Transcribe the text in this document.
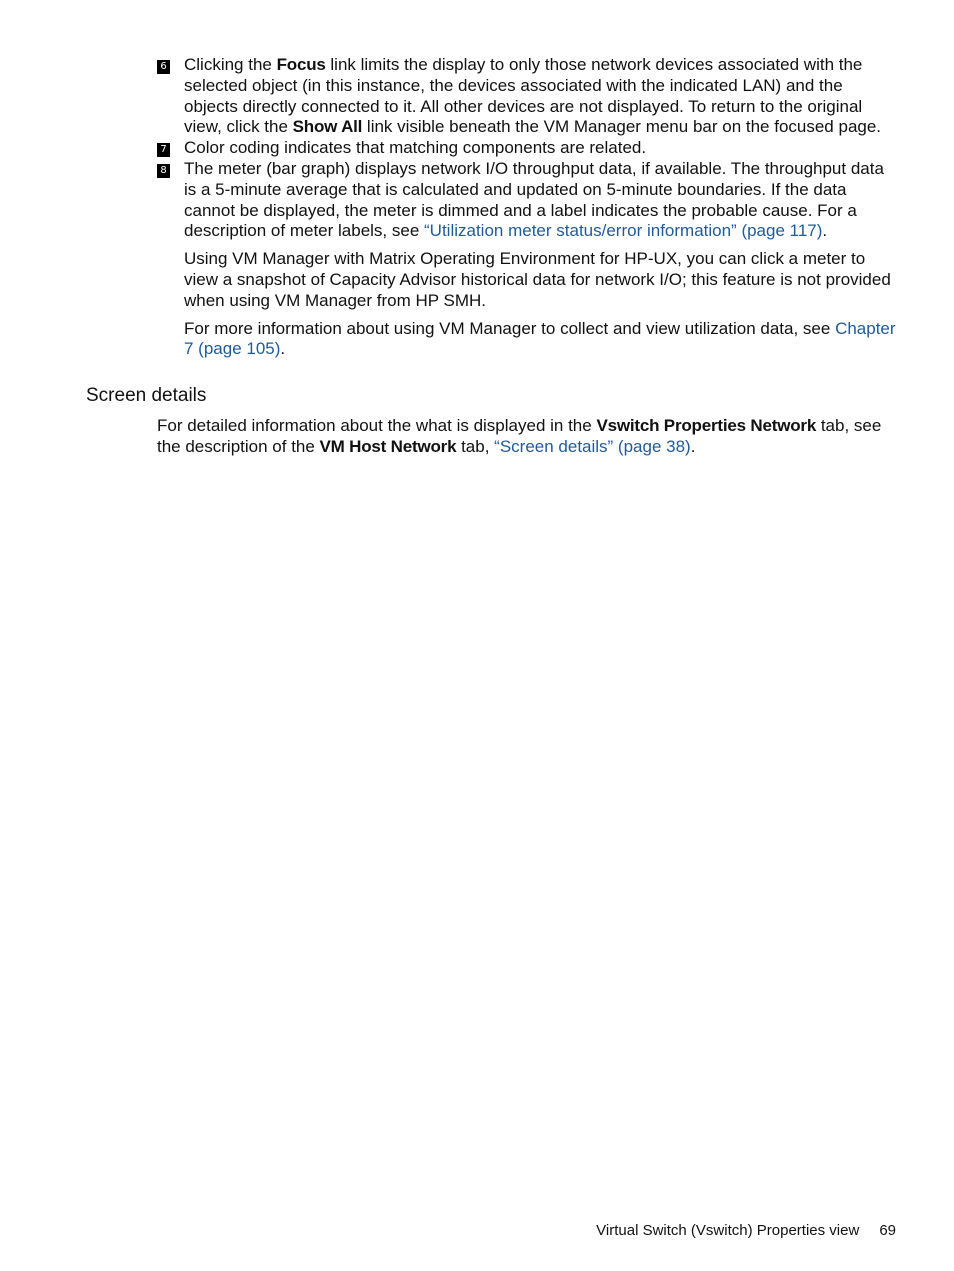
6 Clicking the Focus link limits the display to only those network devices associated with the selected object (in this instance, the devices associated with the indicated LAN) and the objects directly connected to it. All other devices are not displayed. To return to the original view, click the Show All link visible beneath the VM Manager menu bar on the focused page.

7 Color coding indicates that matching components are related.

8 The meter (bar graph) displays network I/O throughput data, if available. The throughput data is a 5-minute average that is calculated and updated on 5-minute boundaries. If the data cannot be displayed, the meter is dimmed and a label indicates the probable cause. For a description of meter labels, see “Utilization meter status/error information” (page 117).

Using VM Manager with Matrix Operating Environment for HP-UX, you can click a meter to view a snapshot of Capacity Advisor historical data for network I/O; this feature is not provided when using VM Manager from HP SMH.

For more information about using VM Manager to collect and view utilization data, see Chapter 7 (page 105).

Screen details

For detailed information about the what is displayed in the Vswitch Properties Network tab, see the description of the VM Host Network tab, “Screen details” (page 38).

Virtual Switch (Vswitch) Properties view 69
